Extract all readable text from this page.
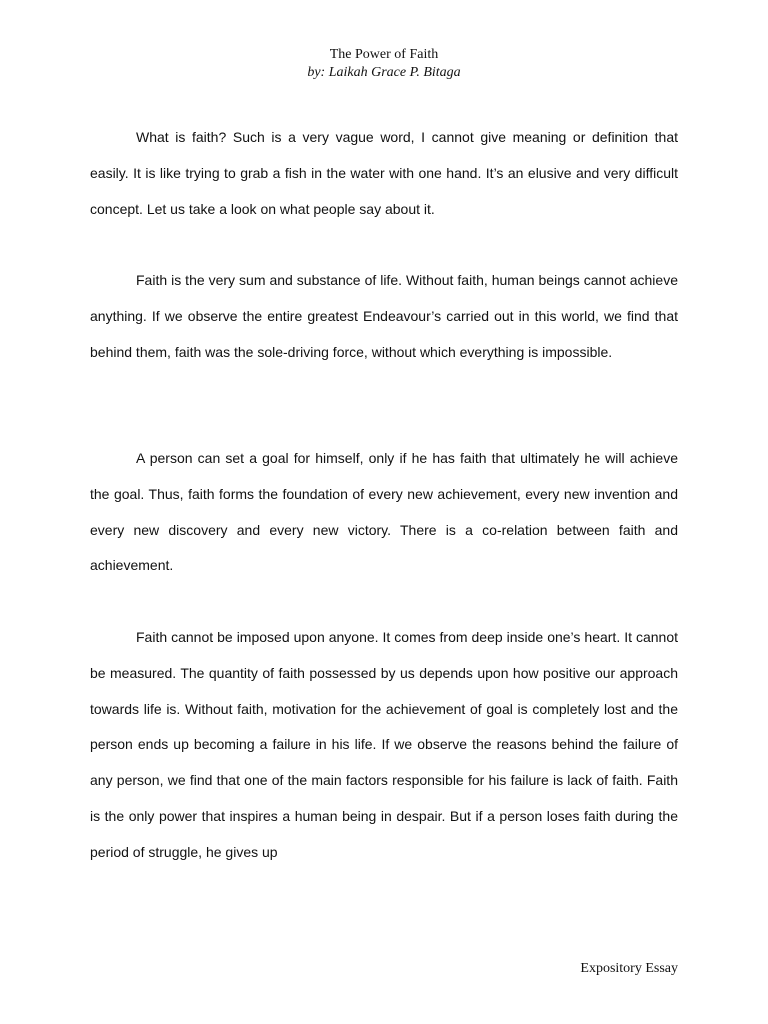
The Power of Faith
by: Laikah Grace P. Bitaga

What is faith? Such is a very vague word, I cannot give meaning or definition that easily. It is like trying to grab a fish in the water with one hand. It’s an elusive and very difficult concept. Let us take a look on what people say about it.

Faith is the very sum and substance of life. Without faith, human beings cannot achieve anything. If we observe the entire greatest Endeavour’s carried out in this world, we find that behind them, faith was the sole-driving force, without which everything is impossible.

A person can set a goal for himself, only if he has faith that ultimately he will achieve the goal. Thus, faith forms the foundation of every new achievement, every new invention and every new discovery and every new victory. There is a co-relation between faith and achievement.

Faith cannot be imposed upon anyone. It comes from deep inside one’s heart. It cannot be measured. The quantity of faith possessed by us depends upon how positive our approach towards life is. Without faith, motivation for the achievement of goal is completely lost and the person ends up becoming a failure in his life. If we observe the reasons behind the failure of any person, we find that one of the main factors responsible for his failure is lack of faith. Faith is the only power that inspires a human being in despair. But if a person loses faith during the period of struggle, he gives up

Expository Essay
